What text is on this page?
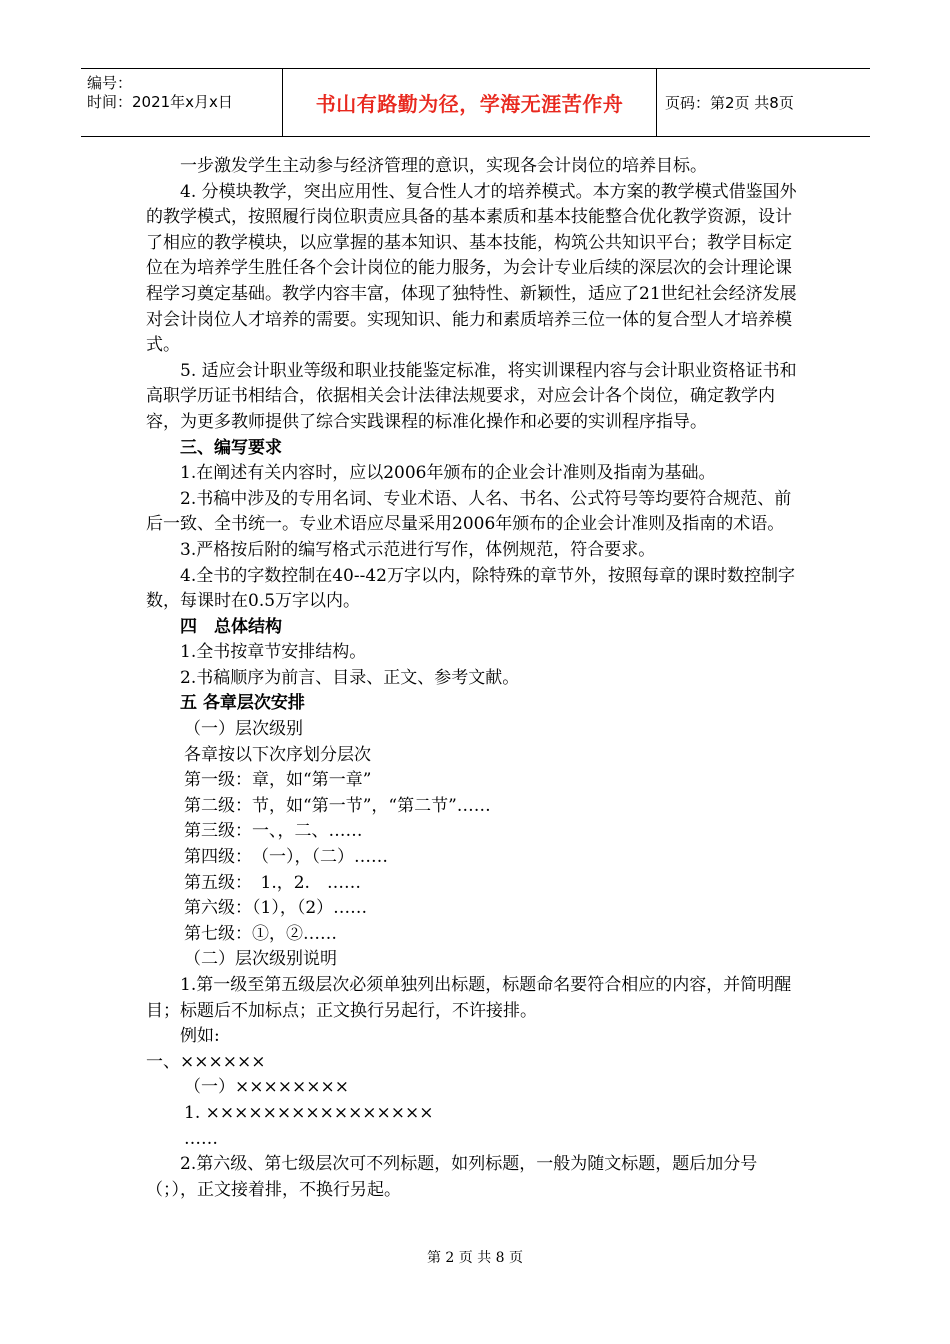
编号：
时间：2021年x月x日	书山有路勤为径，学海无涯苦作舟	页码：第2页 共8页

一步激发学生主动参与经济管理的意识，实现各会计岗位的培养目标。

4. 分模块教学，突出应用性、复合性人才的培养模式。本方案的教学模式借鉴国外的教学模式，按照履行岗位职责应具备的基本素质和基本技能整合优化教学资源，设计了相应的教学模块，以应掌握的基本知识、基本技能，构筑公共知识平台；教学目标定位在为培养学生胜任各个会计岗位的能力服务，为会计专业后续的深层次的会计理论课程学习奠定基础。教学内容丰富，体现了独特性、新颖性，适应了21世纪社会经济发展对会计岗位人才培养的需要。实现知识、能力和素质培养三位一体的复合型人才培养模式。

5. 适应会计职业等级和职业技能鉴定标准，将实训课程内容与会计职业资格证书和高职学历证书相结合，依据相关会计法律法规要求，对应会计各个岗位，确定教学内容，为更多教师提供了综合实践课程的标准化操作和必要的实训程序指导。

三、编写要求

1.在阐述有关内容时，应以2006年颁布的企业会计准则及指南为基础。

2.书稿中涉及的专用名词、专业术语、人名、书名、公式符号等均要符合规范、前后一致、全书统一。专业术语应尽量采用2006年颁布的企业会计准则及指南的术语。

3.严格按后附的编写格式示范进行写作，体例规范，符合要求。

4.全书的字数控制在40--42万字以内，除特殊的章节外，按照每章的课时数控制字数，每课时在0.5万字以内。

四　总体结构

1.全书按章节安排结构。

2.书稿顺序为前言、目录、正文、参考文献。

五 各章层次安排

（一）层次级别

各章按以下次序划分层次

第一级：章，如“第一章”

第二级：节，如“第一节”，“第二节”……

第三级：一、，二、……

第四级：　（一），（二）……

第五级：　1.，2.　……

第六级：（1），（2）……

第七级：①，②……

（二）层次级别说明

1.第一级至第五级层次必须单独列出标题，标题命名要符合相应的内容，并简明醒目；标题后不加标点；正文换行另起行，不许接排。

例如:

一、××××××

（一）××××××××

1. ××××××××××××××××

……

2.第六级、第七级层次可不列标题，如列标题，一般为随文标题，题后加分号（；），正文接着排，不换行另起。

第 2 页 共 8 页
